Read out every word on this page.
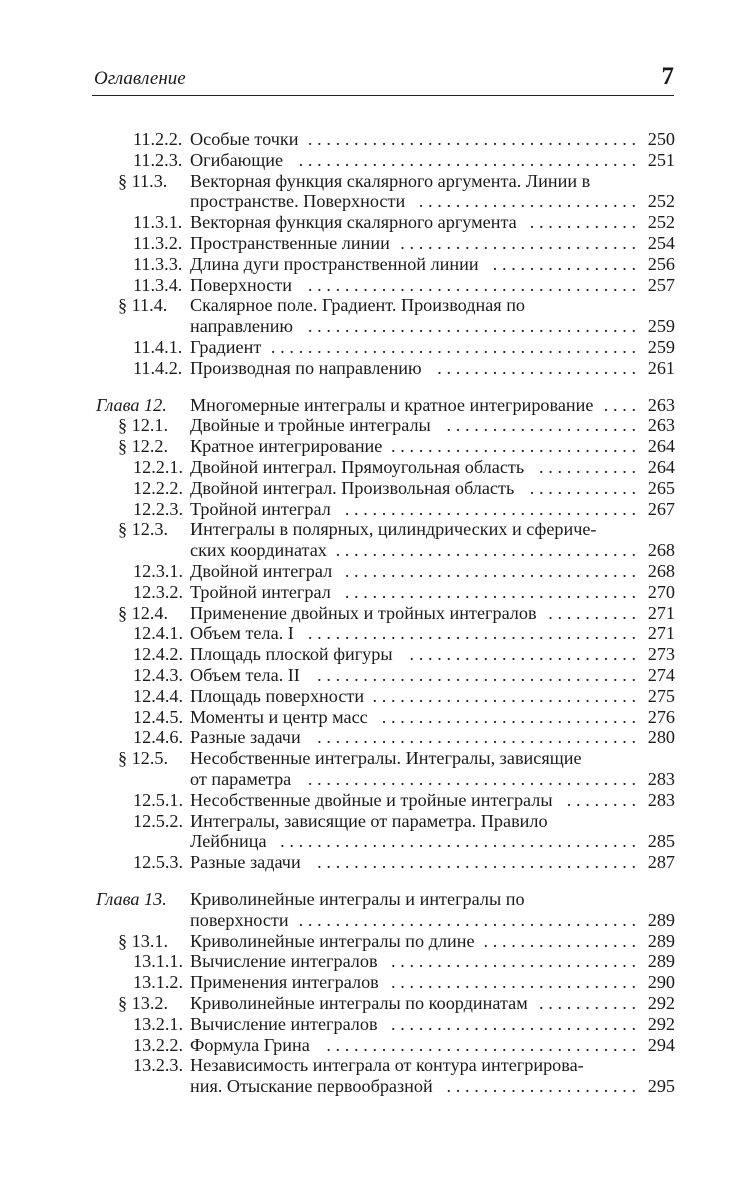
Оглавление	7
11.2.2. Особые точки	250
....................................
11.2.3. Огибающие	251
.....................................
§ 11.3. Векторная функция скалярного аргумента. Линии в
пространстве. Поверхности	252
........................
11.3.1. Векторная функция скалярного аргумента	252
............
11.3.2. Пространственные линии	254
..........................
11.3.3. Длина дуги пространственной линии	256
................
11.3.4. Поверхности	257
....................................
§ 11.4. Скалярное поле. Градиент. Производная по
направлению	259
....................................
11.4.1. Градиент	259
........................................
11.4.2. Производная по направлению	261
......................
Глава 12. Многомерные интегралы и кратное интегрирование	263
....
§ 12.1. Двойные и тройные интегралы	263
.....................
§ 12.2. Кратное интегрирование	264
...........................
12.2.1. Двойной интеграл. Прямоугольная область	264
...........
12.2.2. Двойной интеграл. Произвольная область	265
............
12.2.3. Тройной интеграл	267
................................
§ 12.3. Интегралы в полярных, цилиндрических и сфериче-
ских координатах	268
.................................
12.3.1. Двойной интеграл	268
................................
12.3.2. Тройной интеграл	270
................................
§ 12.4. Применение двойных и тройных интегралов	271
..........
12.4.1. Объем тела. I	271
....................................
12.4.2. Площадь плоской фигуры	273
.........................
12.4.3. Объем тела. II	274
...................................
12.4.4. Площадь поверхности	275
.............................
12.4.5. Моменты и центр масс	276
............................
12.4.6. Разные задачи	280
...................................
§ 12.5. Несобственные интегралы. Интегралы, зависящие
от параметра	283
....................................
12.5.1. Несобственные двойные и тройные интегралы	283
........
12.5.2. Интегралы, зависящие от параметра. Правило
Лейбница	285
.......................................
12.5.3. Разные задачи	287
...................................
Глава 13. Криволинейные интегралы и интегралы по
поверхности	289
.....................................
§ 13.1. Криволинейные интегралы по длине	289
.................
13.1.1. Вычисление интегралов	289
...........................
13.1.2. Применения интегралов	290
...........................
§ 13.2. Криволинейные интегралы по координатам	292
...........
13.2.1. Вычисление интегралов	292
...........................
13.2.2. Формула Грина	294
..................................
13.2.3. Независимость интеграла от контура интегрирова-
ния. Отыскание первообразной	295
.....................
